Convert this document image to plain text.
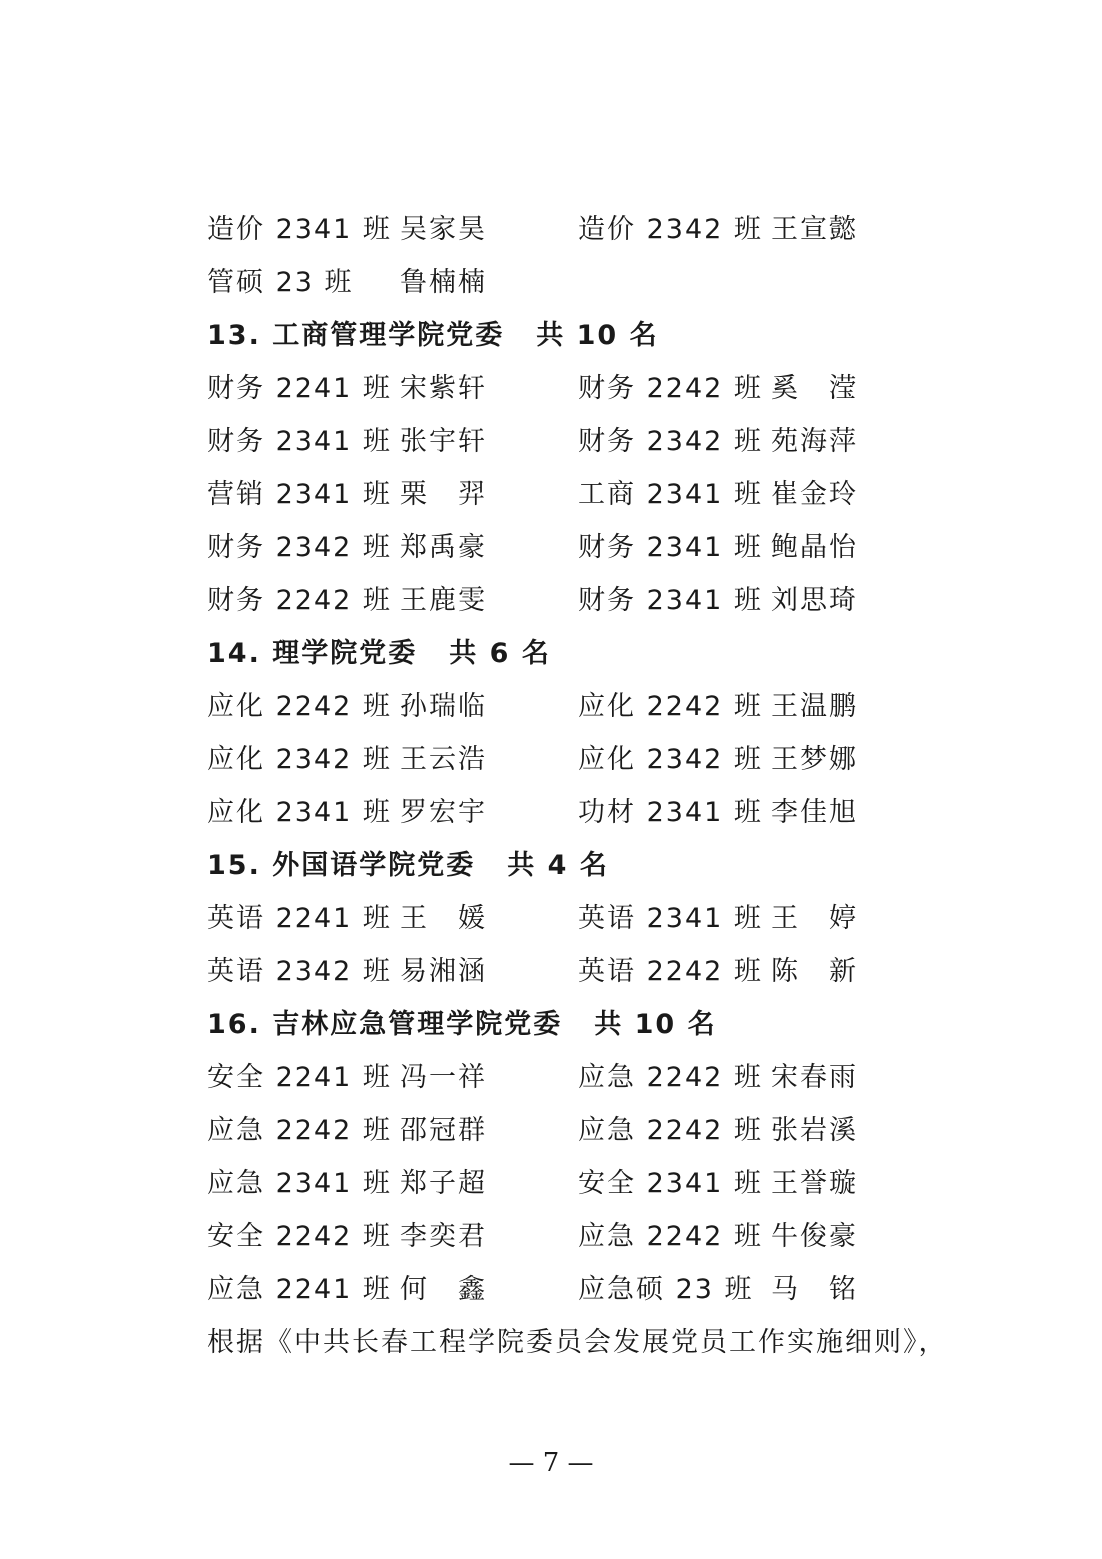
造价 2341 班 吴家昊	造价 2342 班 王宣懿
管硕 23 班	鲁楠楠
13. 工商管理学院党委 共 10 名
财务 2241 班 宋紫轩	财务 2242 班 奚　滢
财务 2341 班 张宇轩	财务 2342 班 苑海萍
营销 2341 班 栗　羿	工商 2341 班 崔金玲
财务 2342 班 郑禹豪	财务 2341 班 鲍晶怡
财务 2242 班 王鹿雯	财务 2341 班 刘思琦
14. 理学院党委 共 6 名
应化 2242 班 孙瑞临	应化 2242 班 王温鹏
应化 2342 班 王云浩	应化 2342 班 王梦娜
应化 2341 班 罗宏宇	功材 2341 班 李佳旭
15. 外国语学院党委 共 4 名
英语 2241 班 王　媛	英语 2341 班 王　婷
英语 2342 班 易湘涵	英语 2242 班 陈　新
16. 吉林应急管理学院党委 共 10 名
安全 2241 班 冯一祥	应急 2242 班 宋春雨
应急 2242 班 邵冠群	应急 2242 班 张岩溪
应急 2341 班 郑子超	安全 2341 班 王誉璇
安全 2242 班 李奕君	应急 2242 班 牛俊豪
应急 2241 班 何　鑫	应急硕 23 班 马　铭
根据《中共长春工程学院委员会发展党员工作实施细则》，
— 7 —
